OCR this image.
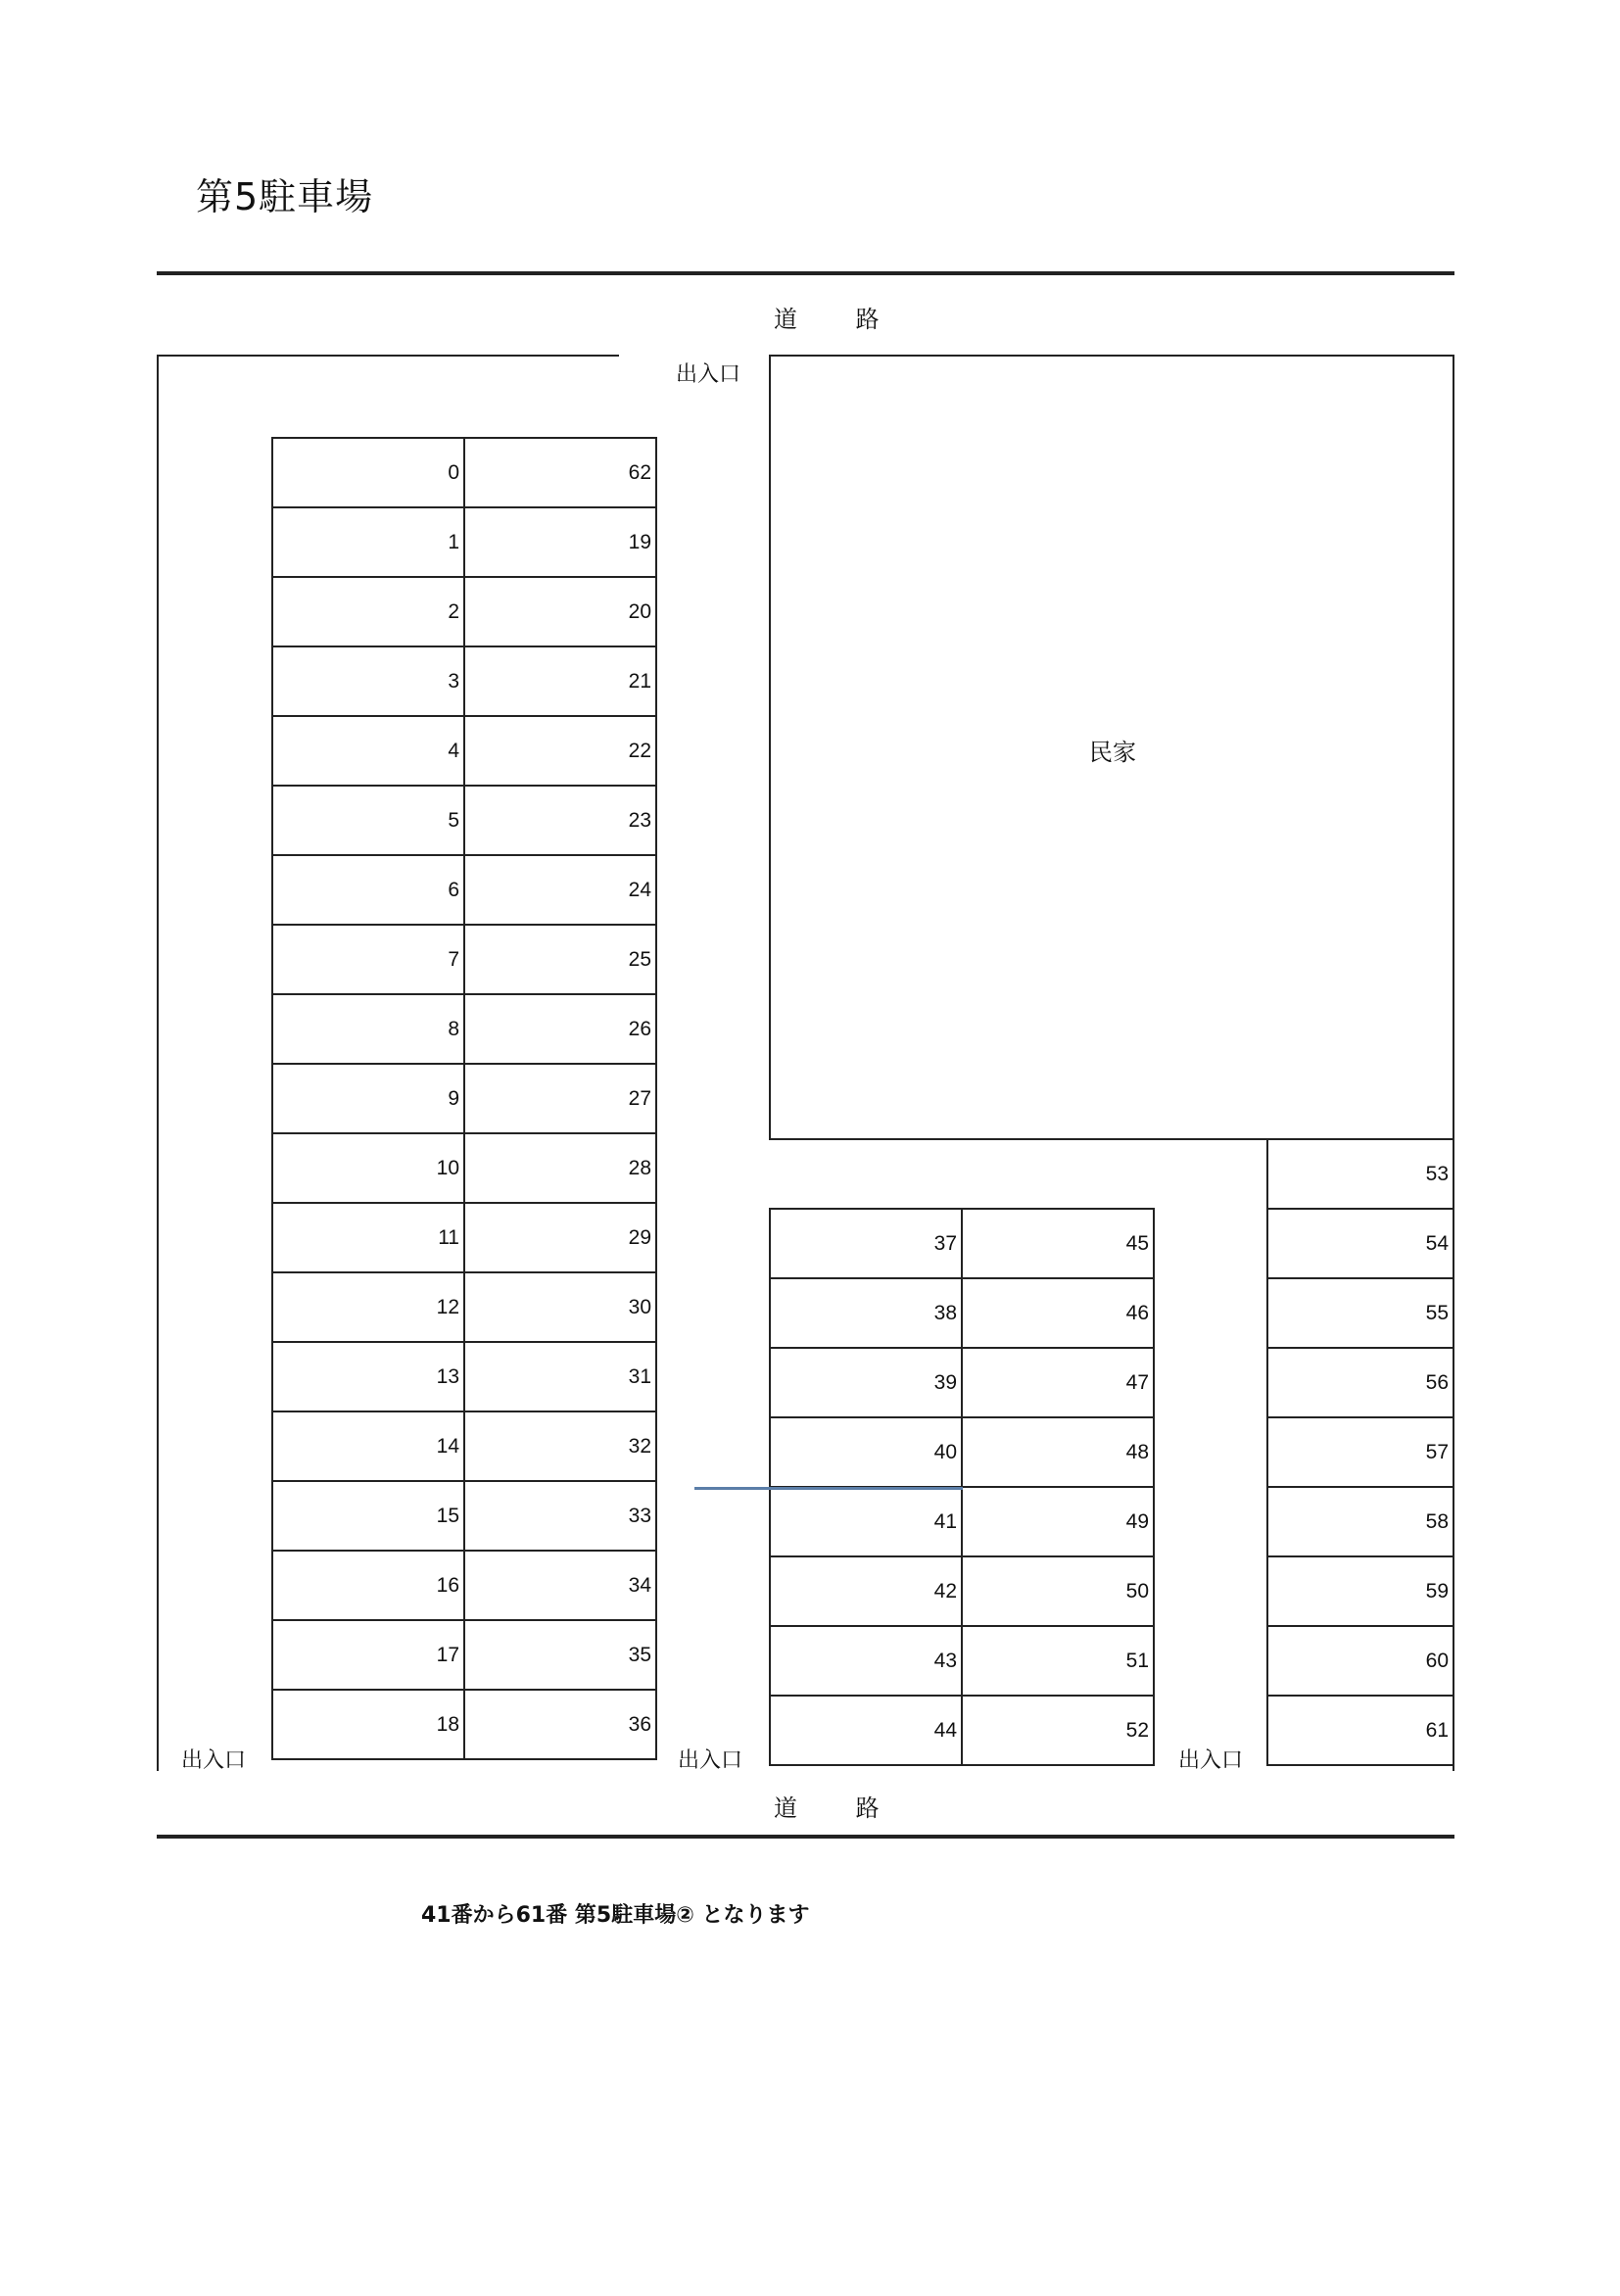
第5駐車場
道 路
道 路
出入口
出入口	出入口	出入口
民家
0	62
1	19
2	20
3	21
4	22
5	23
6	24
7	25
8	26
9	27
10	28
11	29
12	30
13	31
14	32
15	33
16	34
17	35
18	36
37	45
38	46
39	47
40	48
41	49
42	50
43	51
44	52
53
54
55
56
57
58
59
60
61
41番から61番 第5駐車場② となります
